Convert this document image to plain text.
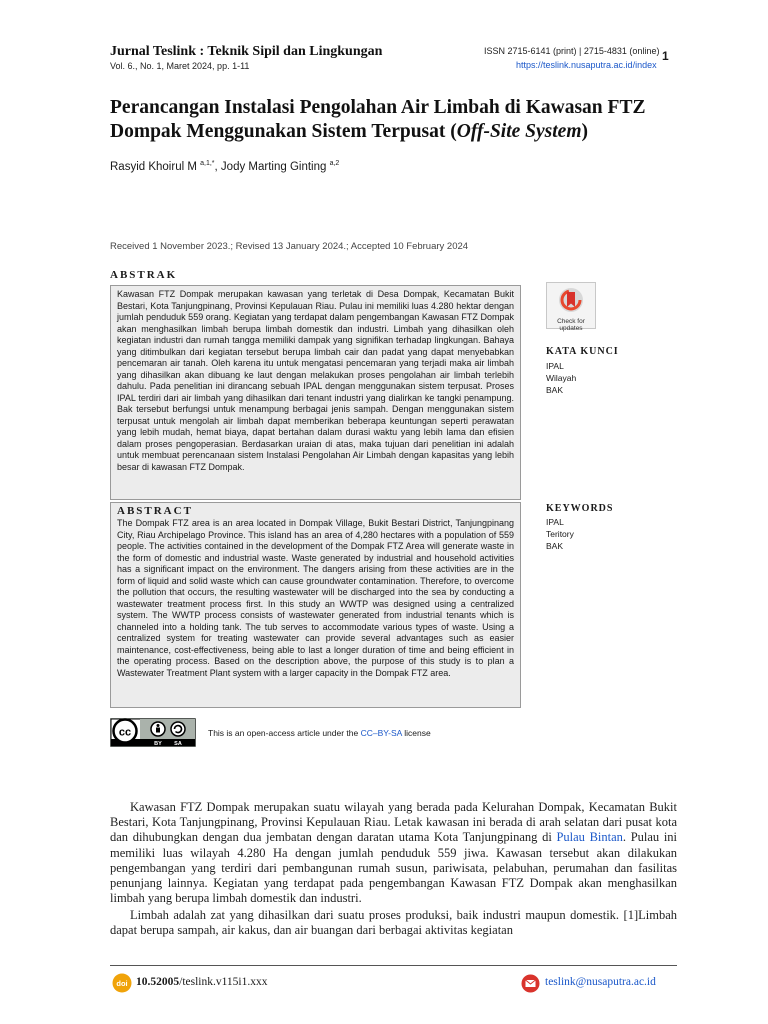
Jurnal Teslink : Teknik Sipil dan Lingkungan
Vol. 6., No. 1, Maret 2024, pp. 1-11
ISSN 2715-6141 (print) | 2715-4831 (online)
https://teslink.nusaputra.ac.id/index
1
Perancangan Instalasi Pengolahan Air Limbah di Kawasan FTZ Dompak Menggunakan Sistem Terpusat (Off-Site System)
Rasyid Khoirul M $^{a,1,*}$, Jody Marting Ginting $^{a,2}$
Received 1 November 2023.; Revised 13 January 2024.; Accepted 10 February 2024
ABSTRAK
Kawasan FTZ Dompak merupakan kawasan yang terletak di Desa Dompak, Kecamatan Bukit Bestari, Kota Tanjungpinang, Provinsi Kepulauan Riau. Pulau ini memiliki luas 4.280 hektar dengan jumlah penduduk 559 orang. Kegiatan yang terdapat dalam pengembangan Kawasan FTZ Dompak akan menghasilkan limbah berupa limbah domestik dan industri. Limbah yang dihasilkan oleh kegiatan industri dan rumah tangga memiliki dampak yang signifikan terhadap lingkungan. Bahaya yang ditimbulkan dari kegiatan tersebut berupa limbah cair dan padat yang dapat menyebabkan pencemaran air tanah. Oleh karena itu untuk mengatasi pencemaran yang terjadi maka air limbah yang dihasilkan akan dibuang ke laut dengan melakukan proses pengolahan air limbah terlebih dahulu. Pada penelitian ini dirancang sebuah IPAL dengan menggunakan sistem terpusat. Proses IPAL terdiri dari air limbah yang dihasilkan dari tenant industri yang dialirkan ke tangki penampung. Bak tersebut berfungsi untuk menampung berbagai jenis sampah. Dengan menggunakan sistem terpusat untuk mengolah air limbah dapat memberikan beberapa keuntungan seperti perawatan yang lebih mudah, hemat biaya, dapat bertahan dalam durasi waktu yang lebih lama dan efisien dalam proses pengoperasian. Berdasarkan uraian di atas, maka tujuan dari penelitian ini adalah untuk membuat perencanaan sistem Instalasi Pengolahan Air Limbah dengan kapasitas yang lebih besar di kawasan FTZ Dompak.
ABSTRACT
The Dompak FTZ area is an area located in Dompak Village, Bukit Bestari District, Tanjungpinang City, Riau Archipelago Province. This island has an area of 4,280 hectares with a population of 559 people. The activities contained in the development of the Dompak FTZ Area will generate waste in the form of domestic and industrial waste. Waste generated by industrial and household activities has a significant impact on the environment. The dangers arising from these activities are in the form of liquid and solid waste which can cause groundwater contamination. Therefore, to overcome the pollution that occurs, the resulting wastewater will be discharged into the sea by conducting a wastewater treatment process first. In this study an WWTP was designed using a centralized system. The WWTP process consists of wastewater generated from industrial tenants which is channeled into a holding tank. The tub serves to accommodate various types of waste. Using a centralized system for treating wastewater can provide several advantages such as easier maintenance, cost-effectiveness, being able to last a longer duration of time and being efficient in the operating process. Based on the description above, the purpose of this study is to plan a Wastewater Treatment Plant system with a larger capacity in the Dompak FTZ area.
Check for
updates
KATA KUNCI
IPAL
Wilayah
BAK
KEYWORDS
IPAL
Teritory
BAK
cc
BY SA
This is an open-access article under the CC–BY-SA license
Kawasan FTZ Dompak merupakan suatu wilayah yang berada pada Kelurahan Dompak, Kecamatan Bukit Bestari, Kota Tanjungpinang, Provinsi Kepulauan Riau. Letak kawasan ini berada di arah selatan dari pusat kota dan dihubungkan dengan dua jembatan dengan daratan utama Kota Tanjungpinang di Pulau Bintan. Pulau ini memiliki luas wilayah 4.280 Ha dengan jumlah penduduk 559 jiwa. Kawasan tersebut akan dilakukan pengembangan yang terdiri dari pembangunan rumah susun, pariwisata, pelabuhan, perumahan dan fasilitas penunjang lainnya. Kegiatan yang terdapat pada pengembangan Kawasan FTZ Dompak akan menghasilkan limbah yang berupa limbah domestik dan industri.
Limbah adalah zat yang dihasilkan dari suatu proses produksi, baik industri maupun domestik. [1]Limbah dapat berupa sampah, air kakus, dan air buangan dari berbagai aktivitas kegiatan
doi 10.52005/teslink.v115i1.xxx	teslink@nusaputra.ac.id
